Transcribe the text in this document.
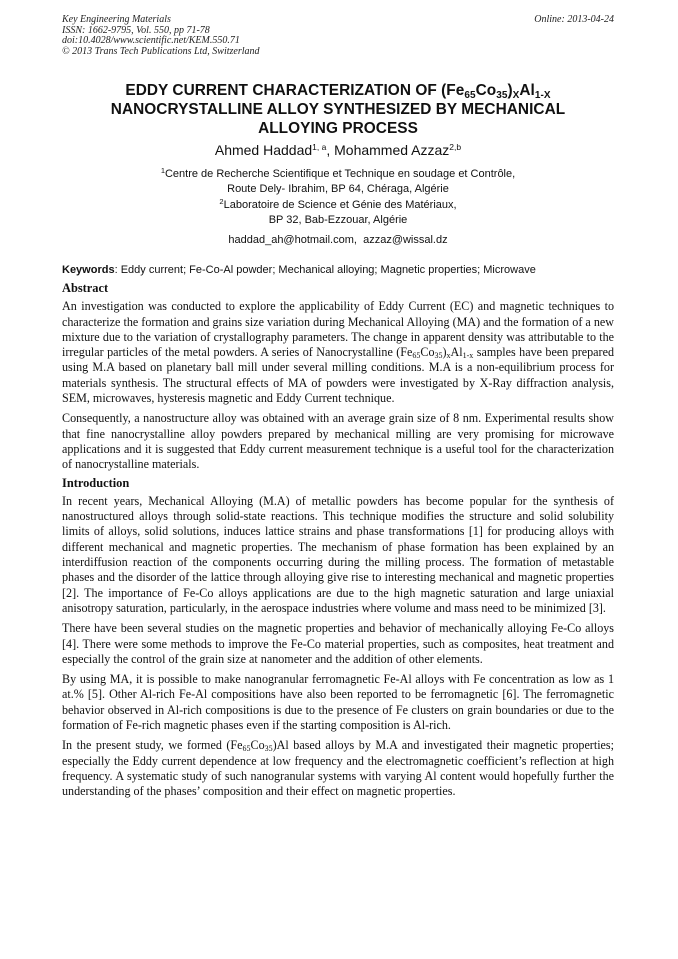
Key Engineering Materials
ISSN: 1662-9795, Vol. 550, pp 71-78
doi:10.4028/www.scientific.net/KEM.550.71
© 2013 Trans Tech Publications Ltd, Switzerland
Online: 2013-04-24
EDDY CURRENT CHARACTERIZATION OF $(Fe_{65}Co_{35})_XAl_{1-X}$
NANOCRYSTALLINE ALLOY SYNTHESIZED BY MECHANICAL
ALLOYING PROCESS
Ahmed Haddad$^{1, a}$, Mohammed Azzaz$^{2,b}$
$^1$Centre de Recherche Scientifique et Technique en soudage et Contrôle,
Route Dely- Ibrahim, BP 64, Chéraga, Algérie
$^2$Laboratoire de Science et Génie des Matériaux,
BP 32, Bab-Ezzouar, Algérie
haddad_ah@hotmail.com,  azzaz@wissal.dz
Keywords: Eddy current; Fe-Co-Al powder; Mechanical alloying; Magnetic properties; Microwave
Abstract

An investigation was conducted to explore the applicability of Eddy Current (EC) and magnetic techniques to characterize the formation and grains size variation during Mechanical Alloying (MA) and the formation of a new mixture due to the variation of crystallography parameters. The change in apparent density was attributable to the irregular particles of the metal powders. A series of Nanocrystalline $(Fe_{65}Co_{35})_xAl_{1-x}$ samples have been prepared using M.A based on planetary ball mill under several milling conditions. M.A is a non-equilibrium process for materials synthesis. The structural effects of MA of powders were investigated by X-Ray diffraction analysis, SEM, microwaves, hysteresis magnetic and Eddy Current technique.

Consequently, a nanostructure alloy was obtained with an average grain size of 8 nm. Experimental results show that fine nanocrystalline alloy powders prepared by mechanical milling are very promising for microwave applications and it is suggested that Eddy current measurement technique is a useful tool for the characterization of nanocrystalline materials.

Introduction

In recent years, Mechanical Alloying (M.A) of metallic powders has become popular for the synthesis of nanostructured alloys through solid-state reactions. This technique modifies the structure and solid solubility limits of alloys, solid solutions, induces lattice strains and phase transformations [1] for producing alloys with different mechanical and magnetic properties. The mechanism of phase formation has been explained by an interdiffusion reaction of the components occurring during the milling process. The formation of metastable phases and the disorder of the lattice through alloying give rise to interesting mechanical and magnetic properties [2]. The importance of Fe-Co alloys applications are due to the high magnetic saturation and large uniaxial anisotropy saturation, particularly, in the aerospace industries where volume and mass need to be minimized [3].

There have been several studies on the magnetic properties and behavior of mechanically alloying Fe-Co alloys [4]. There were some methods to improve the Fe-Co material properties, such as composites, heat treatment and especially the control of the grain size at nanometer and the addition of other elements.

By using MA, it is possible to make nanogranular ferromagnetic Fe-Al alloys with Fe concentration as low as 1 at.% [5]. Other Al-rich Fe-Al compositions have also been reported to be ferromagnetic [6]. The ferromagnetic behavior observed in Al-rich compositions is due to the presence of Fe clusters on grain boundaries or due to the formation of Fe-rich magnetic phases even if the starting composition is Al-rich.

In the present study, we formed $(Fe_{65}Co_{35})Al$ based alloys by M.A and investigated their magnetic properties; especially the Eddy current dependence at low frequency and the electromagnetic coefficient’s reflection at high frequency. A systematic study of such nanogranular systems with varying Al content would hopefully further the understanding of the phases’ composition and their effect on magnetic properties.
